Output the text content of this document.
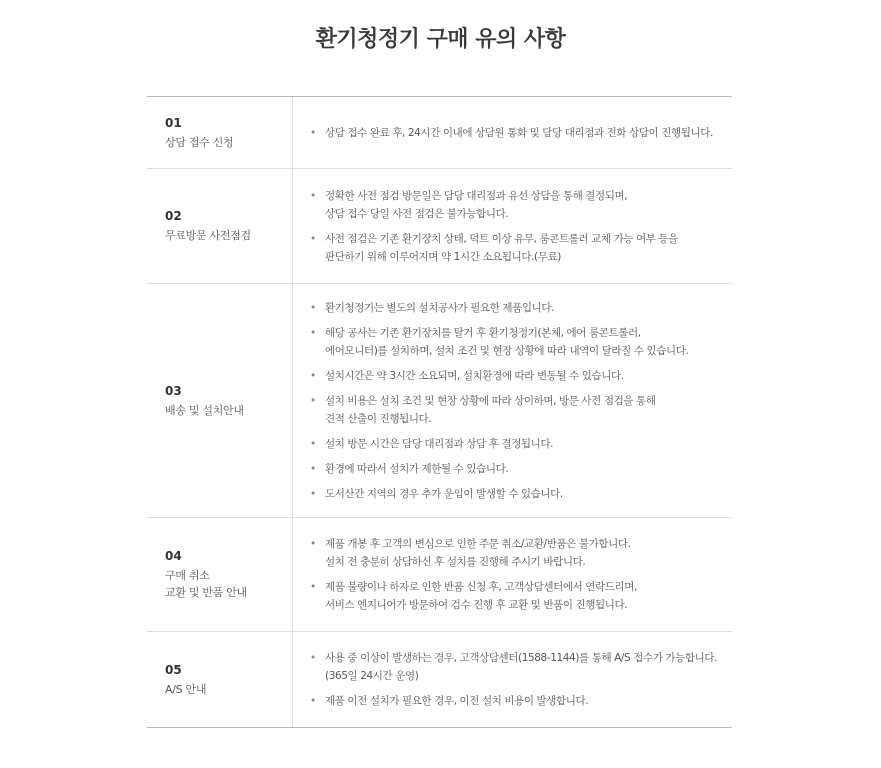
환기청정기 구매 유의 사항
01
상담 접수 신청
• 상담 접수 완료 후, 24시간 이내에 상담원 통화 및 담당 대리점과 전화 상담이 진행됩니다.
02
무료방문 사전점검
• 정확한 사전 점검 방문일은 담당 대리점과 유선 상담을 통해 결정되며,
상담 접수 당일 사전 점검은 불가능합니다.
• 사전 점검은 기존 환기장치 상태, 덕트 이상 유무, 룸콘트롤러 교체 가능 여부 등을
판단하기 위해 이루어지며 약 1시간 소요됩니다.(무료)
03
배송 및 설치안내
• 환기청정기는 별도의 설치공사가 필요한 제품입니다.
• 해당 공사는 기존 환기장치를 탈거 후 환기청정기(본체, 에어 룸콘트롤러,
에어모니터)를 설치하며, 설치 조건 및 현장 상황에 따라 내역이 달라질 수 있습니다.
• 설치시간은 약 3시간 소요되며, 설치환경에 따라 변동될 수 있습니다.
• 설치 비용은 설치 조건 및 현장 상황에 따라 상이하며, 방문 사전 점검을 통해
견적 산출이 진행됩니다.
• 설치 방문 시간은 담당 대리점과 상담 후 결정됩니다.
• 환경에 따라서 설치가 제한될 수 있습니다.
• 도서산간 지역의 경우 추가 운임이 발생할 수 있습니다.
04
구매 취소
교환 및 반품 안내
• 제품 개봉 후 고객의 변심으로 인한 주문 취소/교환/반품은 불가합니다.
설치 전 충분히 상담하신 후 설치를 진행해 주시기 바랍니다.
• 제품 불량이나 하자로 인한 반품 신청 후, 고객상담센터에서 연락드리며,
서비스 엔지니어가 방문하여 검수 진행 후 교환 및 반품이 진행됩니다.
05
A/S 안내
• 사용 중 이상이 발생하는 경우, 고객상담센터(1588-1144)를 통해 A/S 접수가 가능합니다.
(365일 24시간 운영)
• 제품 이전 설치가 필요한 경우, 이전 설치 비용이 발생합니다.
